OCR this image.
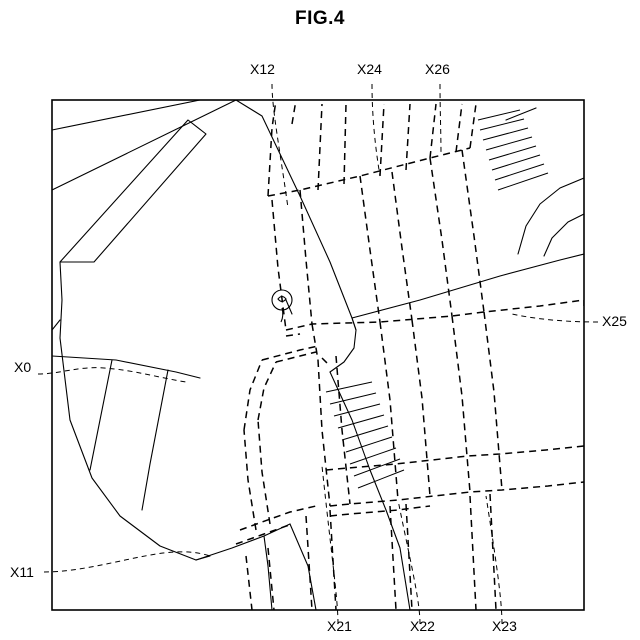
FIG.4
X12	X24	X26
X25
X0
X11
X21	X22	X23
